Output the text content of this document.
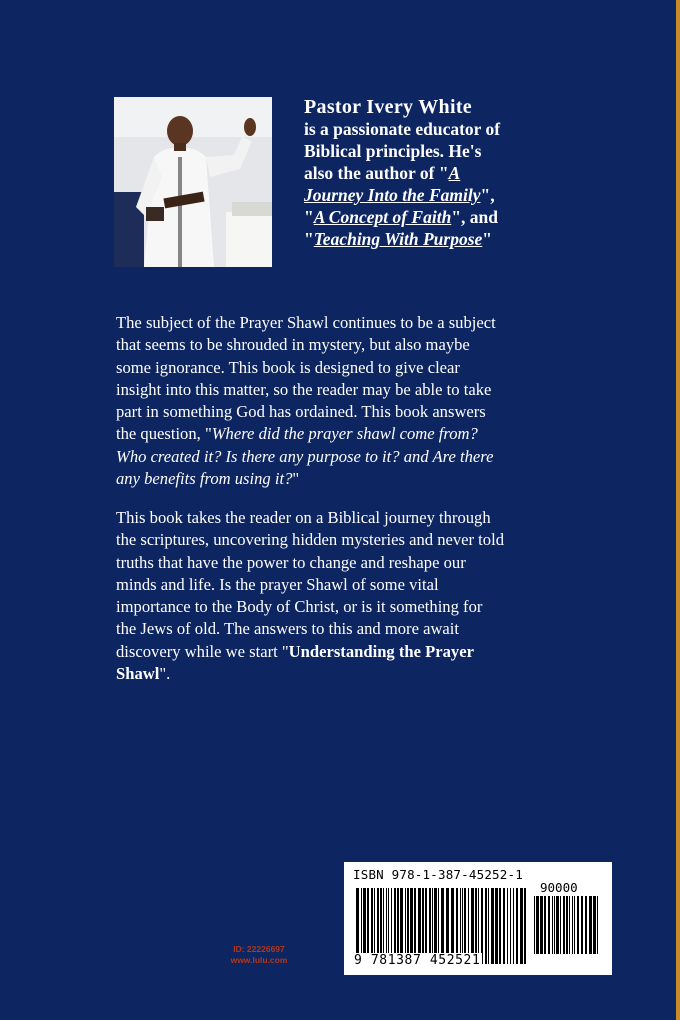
Pastor Ivery White
is a passionate educator of
Biblical principles. He's
also the author of "A
Journey Into the Family",
"A Concept of Faith", and
"Teaching With Purpose"
The subject of the Prayer Shawl continues to be a subject
that seems to be shrouded in mystery, but also maybe
some ignorance. This book is designed to give clear
insight into this matter, so the reader may be able to take
part in something God has ordained. This book answers
the question, "Where did the prayer shawl come from?
Who created it? Is there any purpose to it? and Are there
any benefits from using it?"
This book takes the reader on a Biblical journey through
the scriptures, uncovering hidden mysteries and never told
truths that have the power to change and reshape our
minds and life. Is the prayer Shawl of some vital
importance to the Body of Christ, or is it something for
the Jews of old. The answers to this and more await
discovery while we start "Understanding the Prayer
Shawl".
ID: 22226697
www.lulu.com
ISBN 978-1-387-45252-1
90000
9 781387 452521
